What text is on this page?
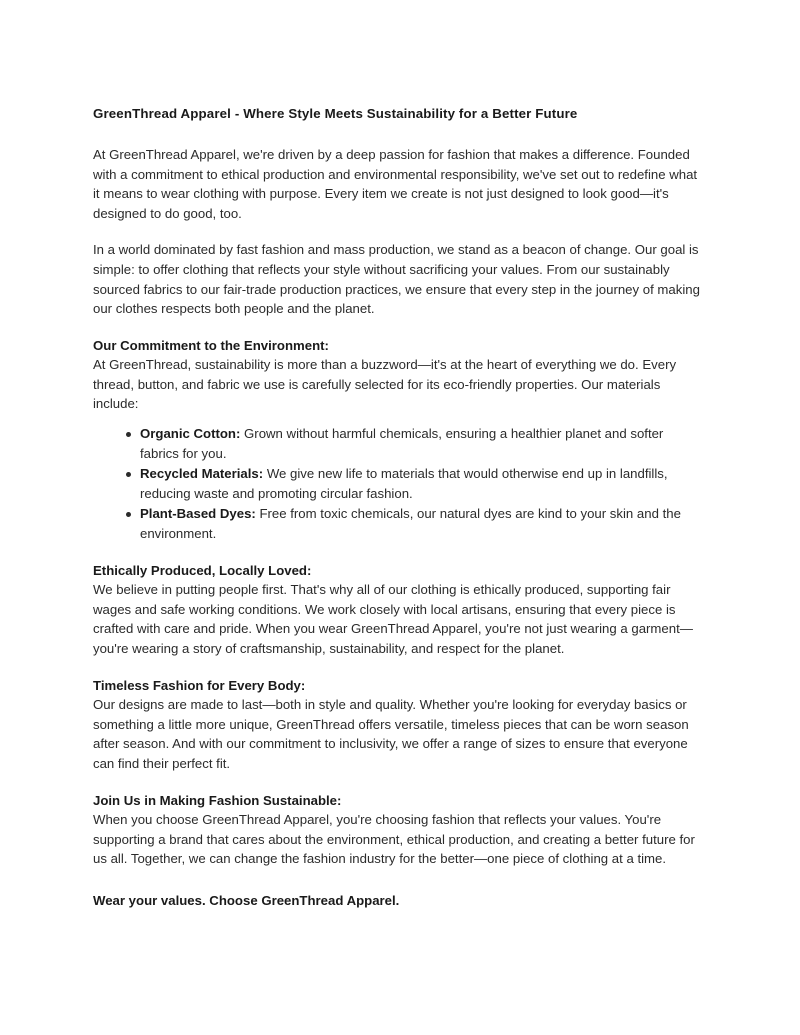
GreenThread Apparel - Where Style Meets Sustainability for a Better Future

At GreenThread Apparel, we're driven by a deep passion for fashion that makes a difference. Founded with a commitment to ethical production and environmental responsibility, we've set out to redefine what it means to wear clothing with purpose. Every item we create is not just designed to look good—it's designed to do good, too.

In a world dominated by fast fashion and mass production, we stand as a beacon of change. Our goal is simple: to offer clothing that reflects your style without sacrificing your values. From our sustainably sourced fabrics to our fair-trade production practices, we ensure that every step in the journey of making our clothes respects both people and the planet.

Our Commitment to the Environment:

At GreenThread, sustainability is more than a buzzword—it's at the heart of everything we do. Every thread, button, and fabric we use is carefully selected for its eco-friendly properties. Our materials include:

Organic Cotton: Grown without harmful chemicals, ensuring a healthier planet and softer fabrics for you.
Recycled Materials: We give new life to materials that would otherwise end up in landfills, reducing waste and promoting circular fashion.
Plant-Based Dyes: Free from toxic chemicals, our natural dyes are kind to your skin and the environment.

Ethically Produced, Locally Loved:

We believe in putting people first. That's why all of our clothing is ethically produced, supporting fair wages and safe working conditions. We work closely with local artisans, ensuring that every piece is crafted with care and pride. When you wear GreenThread Apparel, you're not just wearing a garment—you're wearing a story of craftsmanship, sustainability, and respect for the planet.

Timeless Fashion for Every Body:

Our designs are made to last—both in style and quality. Whether you're looking for everyday basics or something a little more unique, GreenThread offers versatile, timeless pieces that can be worn season after season. And with our commitment to inclusivity, we offer a range of sizes to ensure that everyone can find their perfect fit.

Join Us in Making Fashion Sustainable:

When you choose GreenThread Apparel, you're choosing fashion that reflects your values. You're supporting a brand that cares about the environment, ethical production, and creating a better future for us all. Together, we can change the fashion industry for the better—one piece of clothing at a time.

Wear your values. Choose GreenThread Apparel.
